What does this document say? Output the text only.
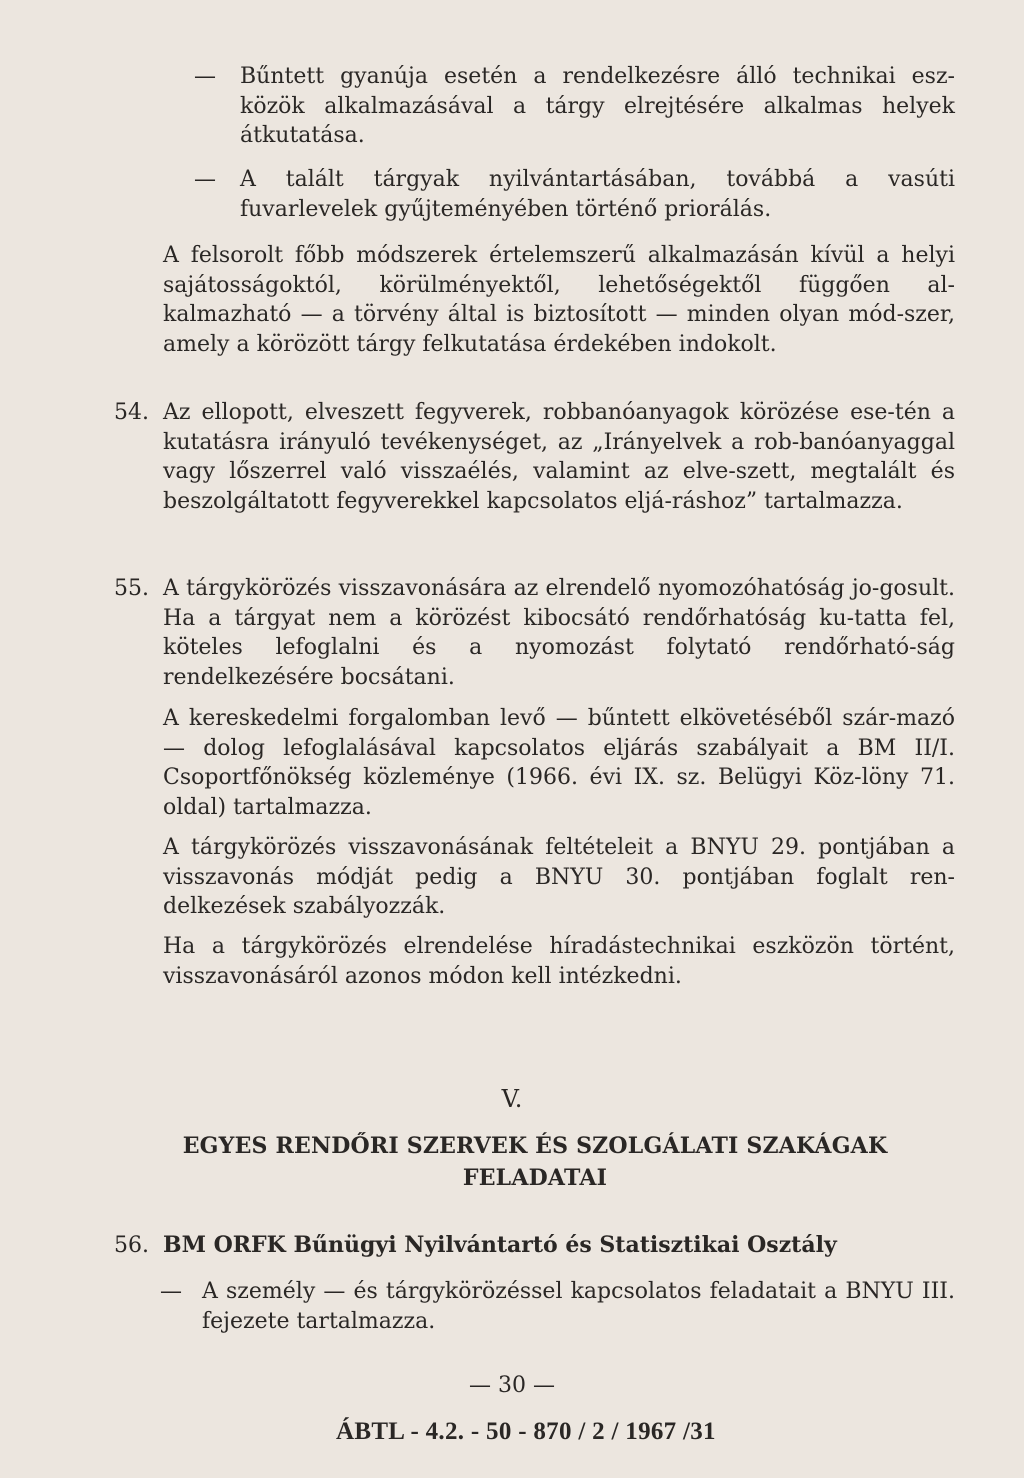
— Bűntett gyanúja esetén a rendelkezésre álló technikai esz-közök alkalmazásával a tárgy elrejtésére alkalmas helyek átkutatása.
— A talált tárgyak nyilvántartásában, továbbá a vasúti fuvarlevelek gyűjteményében történő priorálás.

A felsorolt főbb módszerek értelemszerű alkalmazásán kívül a helyi sajátosságoktól, körülményektől, lehetőségektől függően al-kalmazható — a törvény által is biztosított — minden olyan mód-szer, amely a körözött tárgy felkutatása érdekében indokolt.

54. Az ellopott, elveszett fegyverek, robbanóanyagok körözése ese-tén a kutatásra irányuló tevékenységet, az „Irányelvek a rob-banóanyaggal vagy lőszerrel való visszaélés, valamint az elve-szett, megtalált és beszolgáltatott fegyverekkel kapcsolatos eljá-ráshoz” tartalmazza.

55. A tárgykörözés visszavonására az elrendelő nyomozóhatóság jo-gosult. Ha a tárgyat nem a körözést kibocsátó rendőrhatóság ku-tatta fel, köteles lefoglalni és a nyomozást folytató rendőrható-ság rendelkezésére bocsátani.

A kereskedelmi forgalomban levő — bűntett elkövetéséből szár-mazó — dolog lefoglalásával kapcsolatos eljárás szabályait a BM II/I. Csoportfőnökség közleménye (1966. évi IX. sz. Belügyi Köz-löny 71. oldal) tartalmazza.

A tárgykörözés visszavonásának feltételeit a BNYU 29. pontjában a visszavonás módját pedig a BNYU 30. pontjában foglalt ren-delkezések szabályozzák.

Ha a tárgykörözés elrendelése híradástechnikai eszközön történt, visszavonásáról azonos módon kell intézkedni.

V.

EGYES RENDŐRI SZERVEK ÉS SZOLGÁLATI SZAKÁGAK FELADATAI

56. BM ORFK Bűnügyi Nyilvántartó és Statisztikai Osztály
— A személy — és tárgykörözéssel kapcsolatos feladatait a BNYU III. fejezete tartalmazza.

— 30 —

ÁBTL - 4.2. - 50 - 870 / 2 / 1967 /31
